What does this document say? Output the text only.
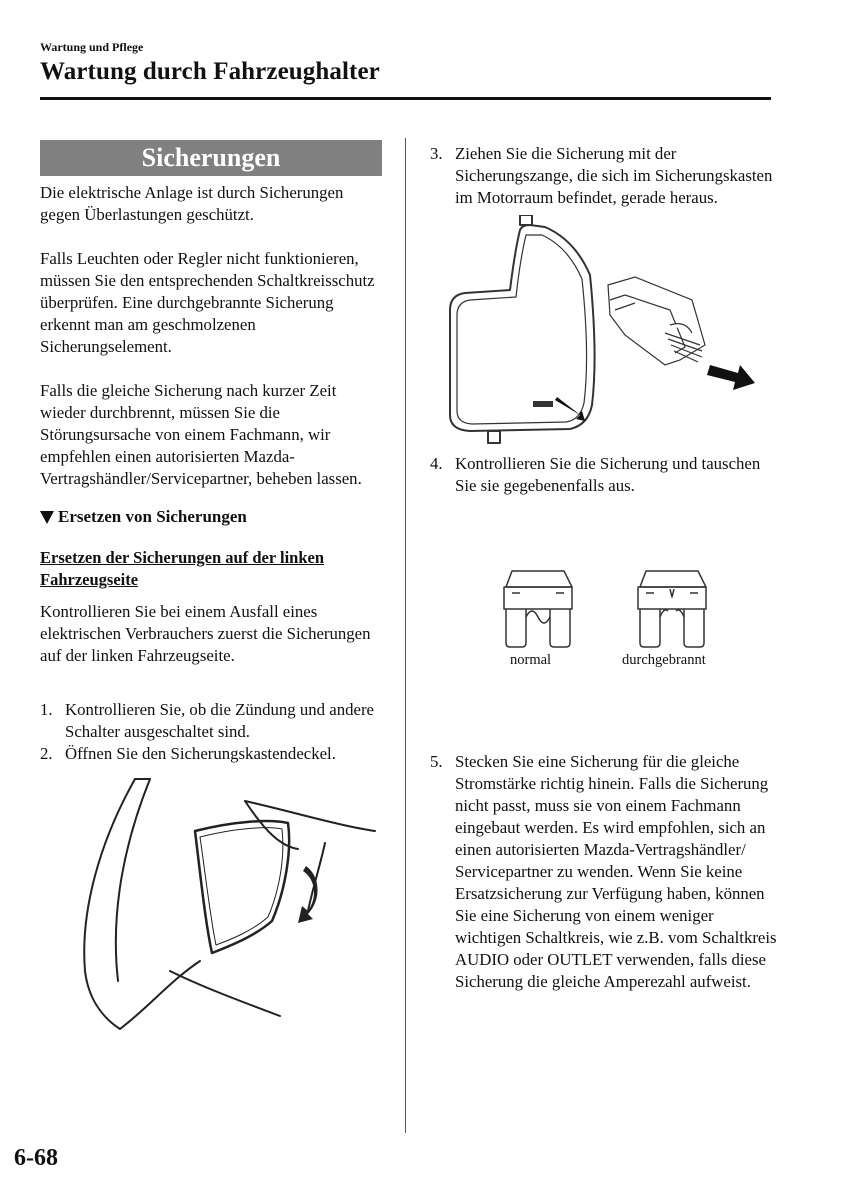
Wartung und Pflege
Wartung durch Fahrzeughalter
Sicherungen

Die elektrische Anlage ist durch Sicherungen gegen Überlastungen geschützt.

Falls Leuchten oder Regler nicht funktionieren, müssen Sie den entsprechenden Schaltkreisschutz überprüfen. Eine durchgebrannte Sicherung erkennt man am geschmolzenen Sicherungselement.

Falls die gleiche Sicherung nach kurzer Zeit wieder durchbrennt, müssen Sie die Störungsursache von einem Fachmann, wir empfehlen einen autorisierten Mazda-Vertragshändler/Servicepartner, beheben lassen.

Ersetzen von Sicherungen
Ersetzen der Sicherungen auf der linken Fahrzeugseite

Kontrollieren Sie bei einem Ausfall eines elektrischen Verbrauchers zuerst die Sicherungen auf der linken Fahrzeugseite.

1. Kontrollieren Sie, ob die Zündung und andere Schalter ausgeschaltet sind.
2. Öffnen Sie den Sicherungskastendeckel.
3. Ziehen Sie die Sicherung mit der Sicherungszange, die sich im Sicherungskasten im Motorraum befindet, gerade heraus.
4. Kontrollieren Sie die Sicherung und tauschen Sie sie gegebenenfalls aus.
normal	durchgebrannt
5. Stecken Sie eine Sicherung für die gleiche Stromstärke richtig hinein. Falls die Sicherung nicht passt, muss sie von einem Fachmann eingebaut werden. Es wird empfohlen, sich an einen autorisierten Mazda-Vertragshändler/ Servicepartner zu wenden. Wenn Sie keine Ersatzsicherung zur Verfügung haben, können Sie eine Sicherung von einem weniger wichtigen Schaltkreis, wie z.B. vom Schaltkreis AUDIO oder OUTLET verwenden, falls diese Sicherung die gleiche Amperezahl aufweist.
6-68
